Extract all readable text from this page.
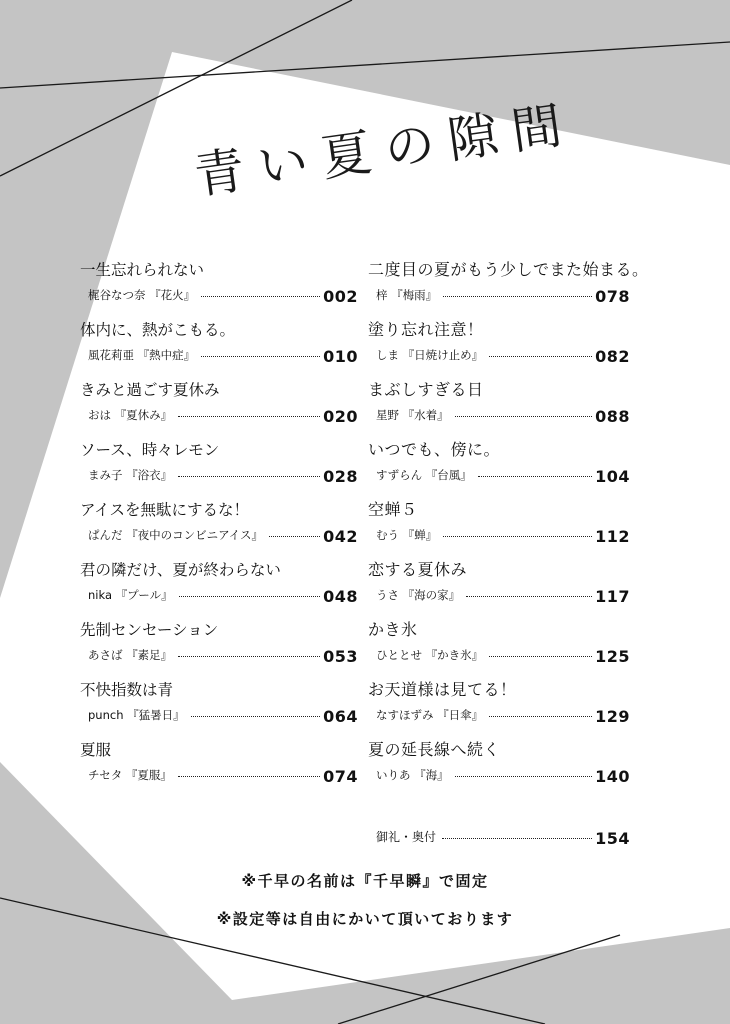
青い夏の隙間
一生忘れられない
梶谷なつ奈 『花火』	002
体内に、熱がこもる。
風花莉亜 『熱中症』	010
きみと過ごす夏休み
おは 『夏休み』	020
ソース、時々レモン
まみ子 『浴衣』	028
アイスを無駄にするな！
ぱんだ 『夜中のコンビニアイス』	042
君の隣だけ、夏が終わらない
nika 『プール』	048
先制センセーション
あさば 『素足』	053
不快指数は青
punch 『猛暑日』	064
夏服
チセタ 『夏服』	074
二度目の夏がもう少しでまた始まる。
梓 『梅雨』	078
塗り忘れ注意！
しま 『日焼け止め』	082
まぶしすぎる日
星野 『水着』	088
いつでも、傍に。
すずらん 『台風』	104
空蝉５
むう 『蝉』	112
恋する夏休み
うさ 『海の家』	117
かき氷
ひととせ 『かき氷』	125
お天道様は見てる！
なすほずみ 『日傘』	129
夏の延長線へ続く
いりあ 『海』	140
御礼・奥付	154
※千早の名前は『千早瞬』で固定
※設定等は自由にかいて頂いております
